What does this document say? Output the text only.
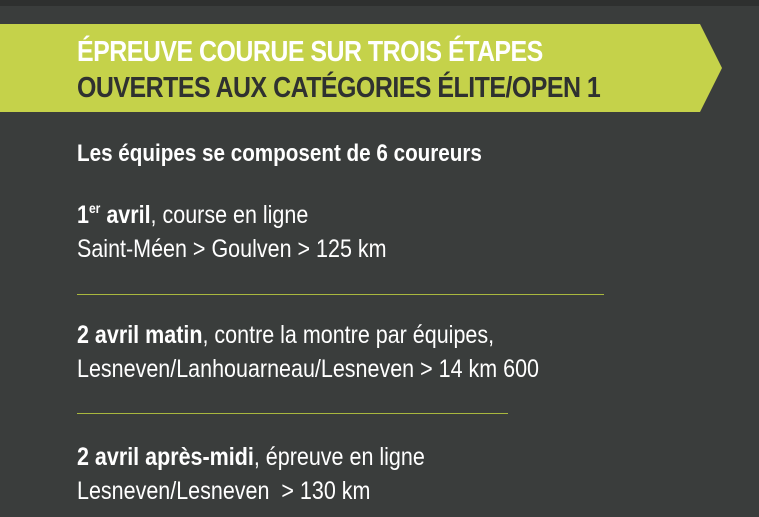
ÉPREUVE COURUE SUR TROIS ÉTAPES
OUVERTES AUX CATÉGORIES ÉLITE/OPEN 1
Les équipes se composent de 6 coureurs
1er avril, course en ligne
Saint-Méen > Goulven > 125 km
2 avril matin, contre la montre par équipes,
Lesneven/Lanhouarneau/Lesneven > 14 km 600
2 avril après-midi, épreuve en ligne
Lesneven/Lesneven  > 130 km
